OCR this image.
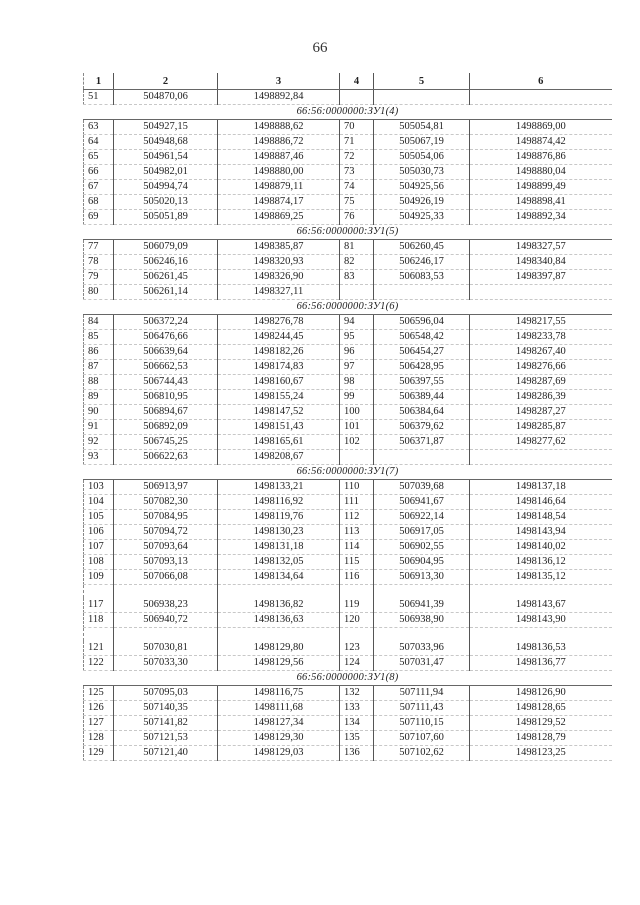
66
1	2	3	4	5	6
51	504870,06	1498892,84			
66:56:0000000:ЗУ1(4)					
63	504927,15	1498888,62	70	505054,81	1498869,00
64	504948,68	1498886,72	71	505067,19	1498874,42
65	504961,54	1498887,46	72	505054,06	1498876,86
66	504982,01	1498880,00	73	505030,73	1498880,04
67	504994,74	1498879,11	74	504925,56	1498899,49
68	505020,13	1498874,17	75	504926,19	1498898,41
69	505051,89	1498869,25	76	504925,33	1498892,34
66:56:0000000:ЗУ1(5)					
77	506079,09	1498385,87	81	506260,45	1498327,57
78	506246,16	1498320,93	82	506246,17	1498340,84
79	506261,45	1498326,90	83	506083,53	1498397,87
80	506261,14	1498327,11			
66:56:0000000:ЗУ1(6)					
84	506372,24	1498276,78	94	506596,04	1498217,55
85	506476,66	1498244,45	95	506548,42	1498233,78
86	506639,64	1498182,26	96	506454,27	1498267,40
87	506662,53	1498174,83	97	506428,95	1498276,66
88	506744,43	1498160,67	98	506397,55	1498287,69
89	506810,95	1498155,24	99	506389,44	1498286,39
90	506894,67	1498147,52	100	506384,64	1498287,27
91	506892,09	1498151,43	101	506379,62	1498285,87
92	506745,25	1498165,61	102	506371,87	1498277,62
93	506622,63	1498208,67			
66:56:0000000:ЗУ1(7)					
103	506913,97	1498133,21	110	507039,68	1498137,18
104	507082,30	1498116,92	111	506941,67	1498146,64
105	507084,95	1498119,76	112	506922,14	1498148,54
106	507094,72	1498130,23	113	506917,05	1498143,94
107	507093,64	1498131,18	114	506902,55	1498140,02
108	507093,13	1498132,05	115	506904,95	1498136,12
109	507066,08	1498134,64	116	506913,30	1498135,12

117	506938,23	1498136,82	119	506941,39	1498143,67
118	506940,72	1498136,63	120	506938,90	1498143,90

121	507030,81	1498129,80	123	507033,96	1498136,53
122	507033,30	1498129,56	124	507031,47	1498136,77
66:56:0000000:ЗУ1(8)					
125	507095,03	1498116,75	132	507111,94	1498126,90
126	507140,35	1498111,68	133	507111,43	1498128,65
127	507141,82	1498127,34	134	507110,15	1498129,52
128	507121,53	1498129,30	135	507107,60	1498128,79
129	507121,40	1498129,03	136	507102,62	1498123,25
